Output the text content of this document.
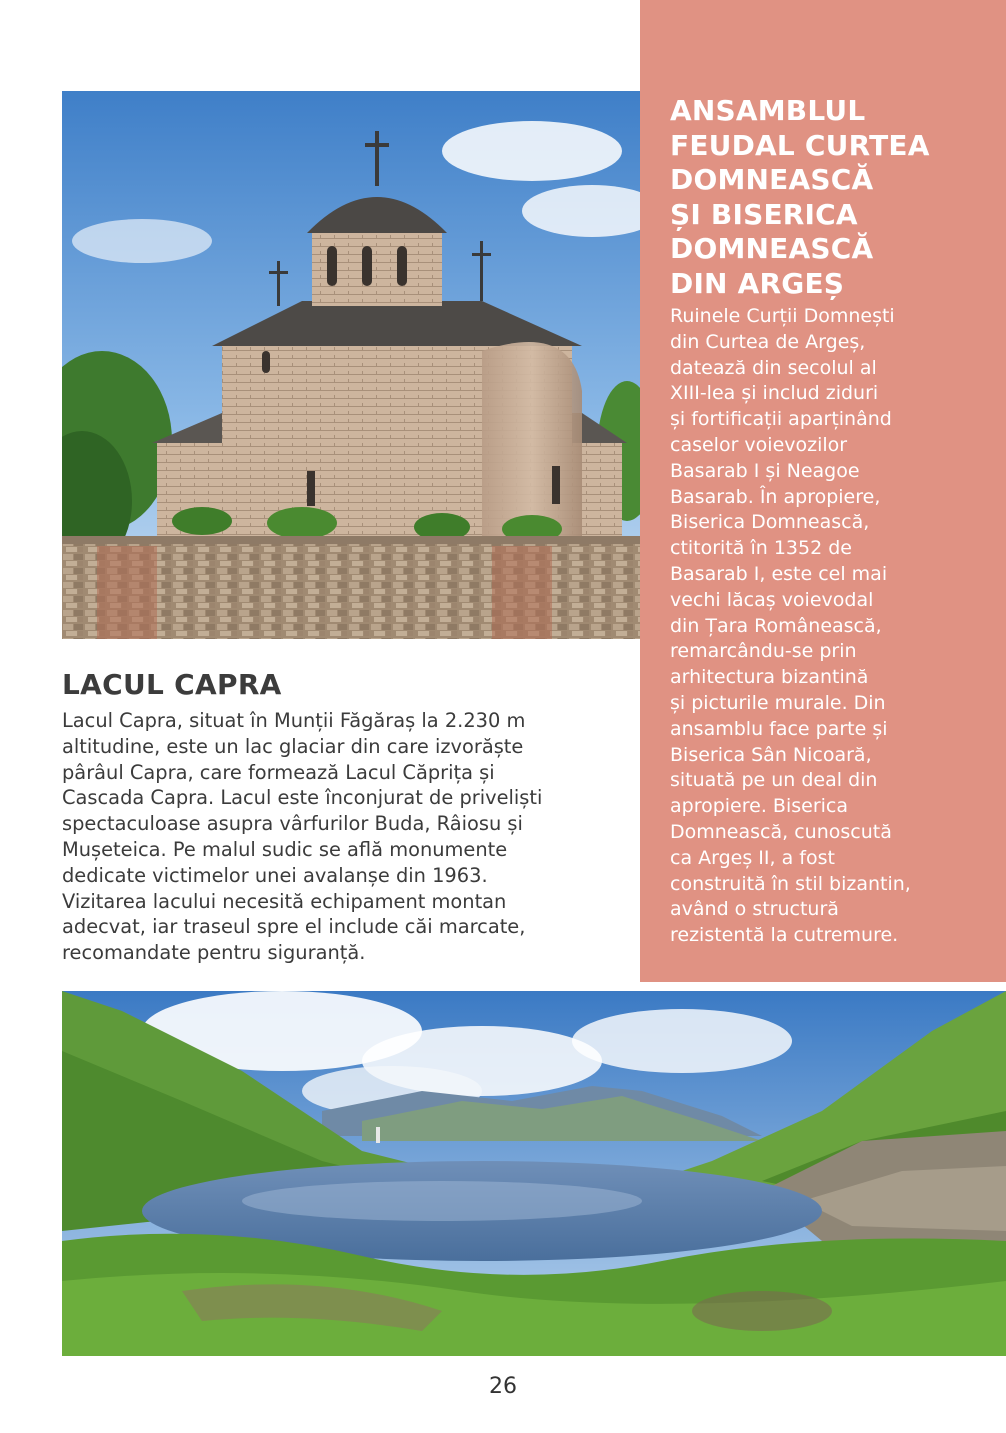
ANSAMBLUL
FEUDAL CURTEA
DOMNEASCĂ
ȘI BISERICA
DOMNEASCĂ
DIN ARGEȘ

Ruinele Curții Domnești
din Curtea de Argeș,
datează din secolul al
XIII-lea și includ ziduri
și fortificații aparținând
caselor voievozilor
Basarab I și Neagoe
Basarab. În apropiere,
Biserica Domnească,
ctitorită în 1352 de
Basarab I, este cel mai
vechi lăcaș voievodal
din Țara Românească,
remarcându-se prin
arhitectura bizantină
și picturile murale. Din
ansamblu face parte și
Biserica Sân Nicoară,
situată pe un deal din
apropiere. Biserica
Domnească, cunoscută
ca Argeș II, a fost
construită în stil bizantin,
având o structură
rezistentă la cutremure.

LACUL CAPRA

Lacul Capra, situat în Munții Făgăraș la 2.230 m
altitudine, este un lac glaciar din care izvorăște
pârâul Capra, care formează Lacul Căprița și
Cascada Capra. Lacul este înconjurat de priveliști
spectaculoase asupra vârfurilor Buda, Râiosu și
Mușeteica. Pe malul sudic se află monumente
dedicate victimelor unei avalanșe din 1963.
Vizitarea lacului necesită echipament montan
adecvat, iar traseul spre el include căi marcate,
recomandate pentru siguranță.

26
